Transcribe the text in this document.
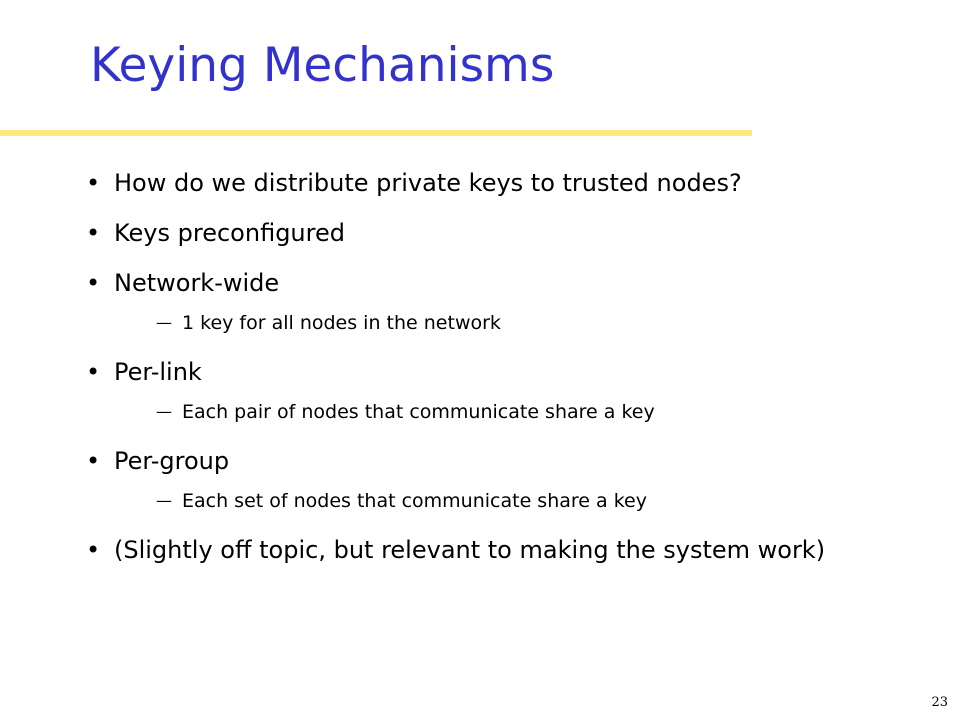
Keying Mechanisms
• How do we distribute private keys to trusted nodes?
• Keys preconfigured
• Network-wide
— 1 key for all nodes in the network
• Per-link
— Each pair of nodes that communicate share a key
• Per-group
— Each set of nodes that communicate share a key
• (Slightly off topic, but relevant to making the system work)
23
